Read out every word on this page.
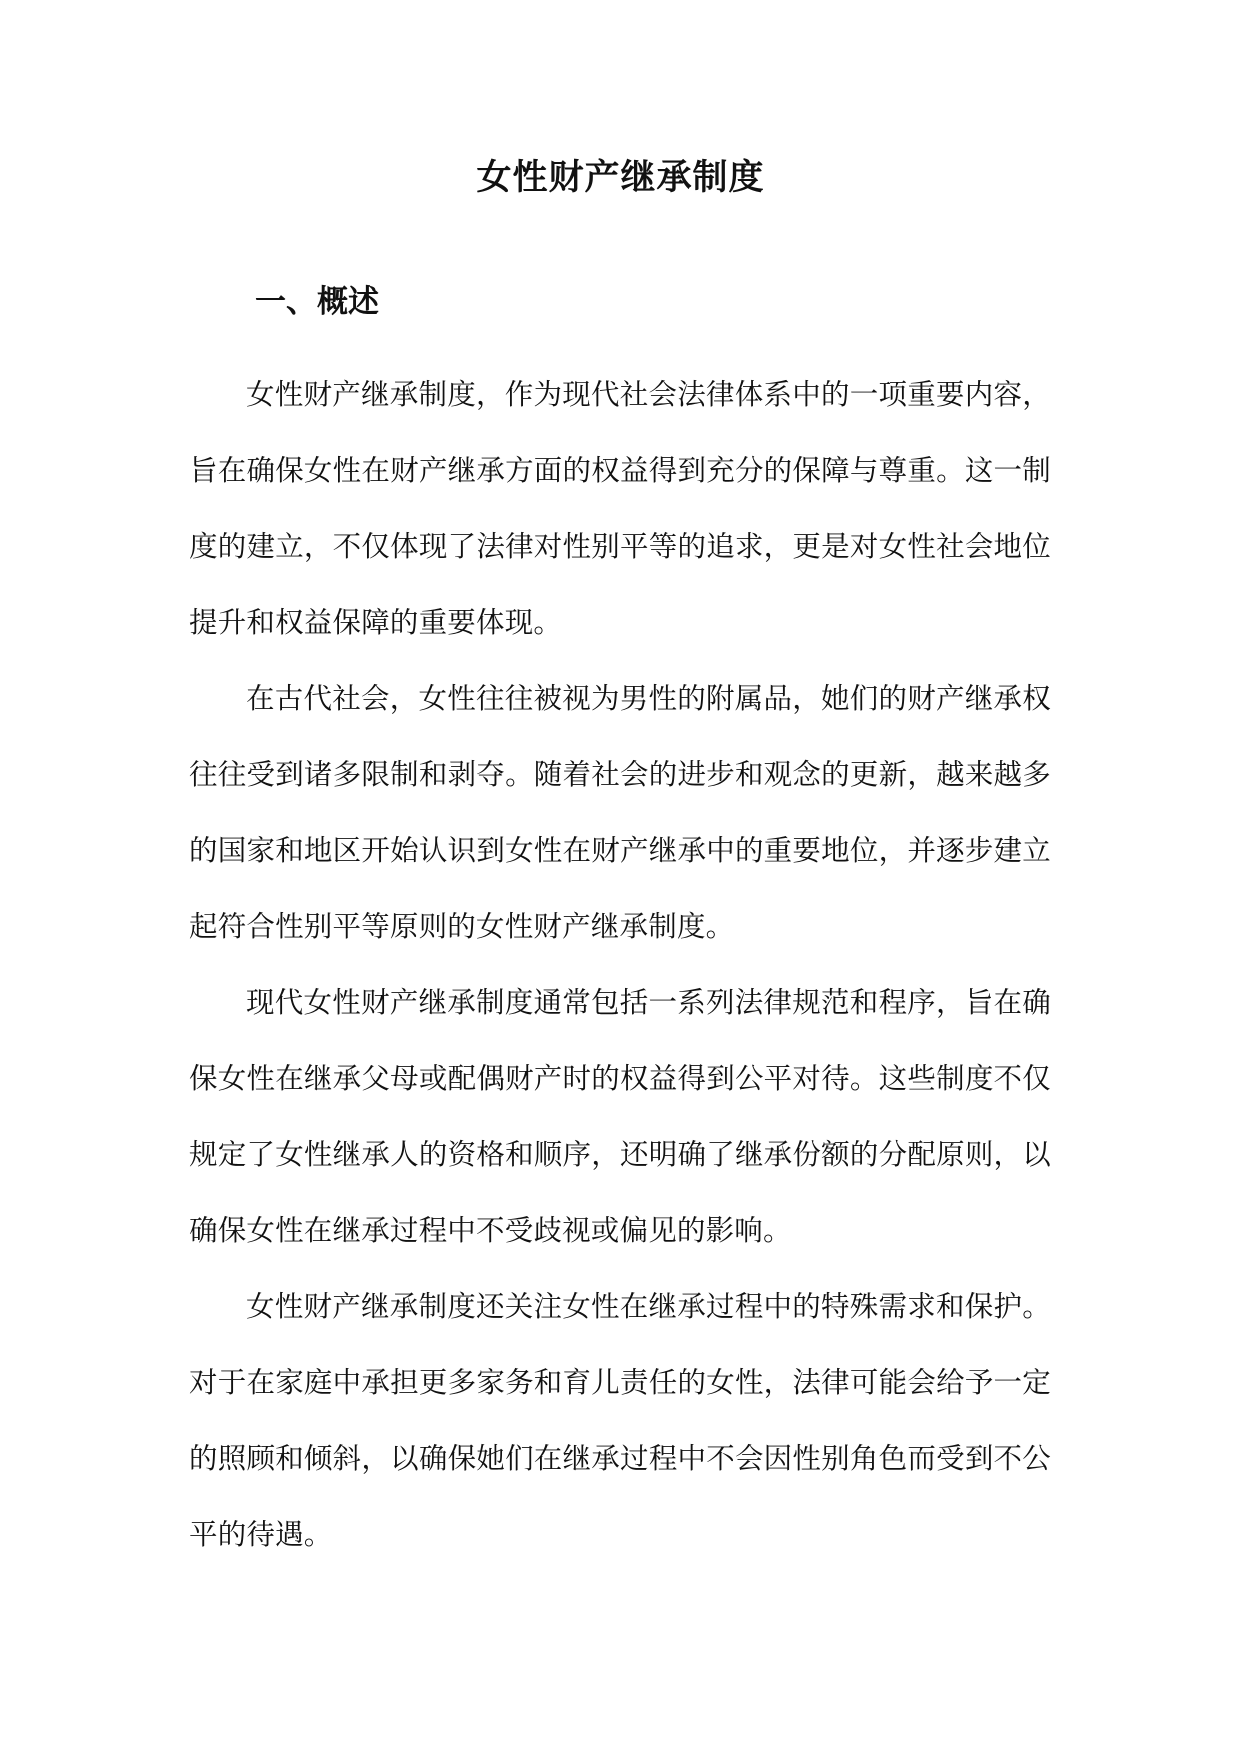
女性财产继承制度
一、概述

女性财产继承制度，作为现代社会法律体系中的一项重要内容，旨在确保女性在财产继承方面的权益得到充分的保障与尊重。这一制度的建立，不仅体现了法律对性别平等的追求，更是对女性社会地位提升和权益保障的重要体现。

在古代社会，女性往往被视为男性的附属品，她们的财产继承权往往受到诸多限制和剥夺。随着社会的进步和观念的更新，越来越多的国家和地区开始认识到女性在财产继承中的重要地位，并逐步建立起符合性别平等原则的女性财产继承制度。

现代女性财产继承制度通常包括一系列法律规范和程序，旨在确保女性在继承父母或配偶财产时的权益得到公平对待。这些制度不仅规定了女性继承人的资格和顺序，还明确了继承份额的分配原则，以确保女性在继承过程中不受歧视或偏见的影响。

女性财产继承制度还关注女性在继承过程中的特殊需求和保护。对于在家庭中承担更多家务和育儿责任的女性，法律可能会给予一定的照顾和倾斜，以确保她们在继承过程中不会因性别角色而受到不公平的待遇。
